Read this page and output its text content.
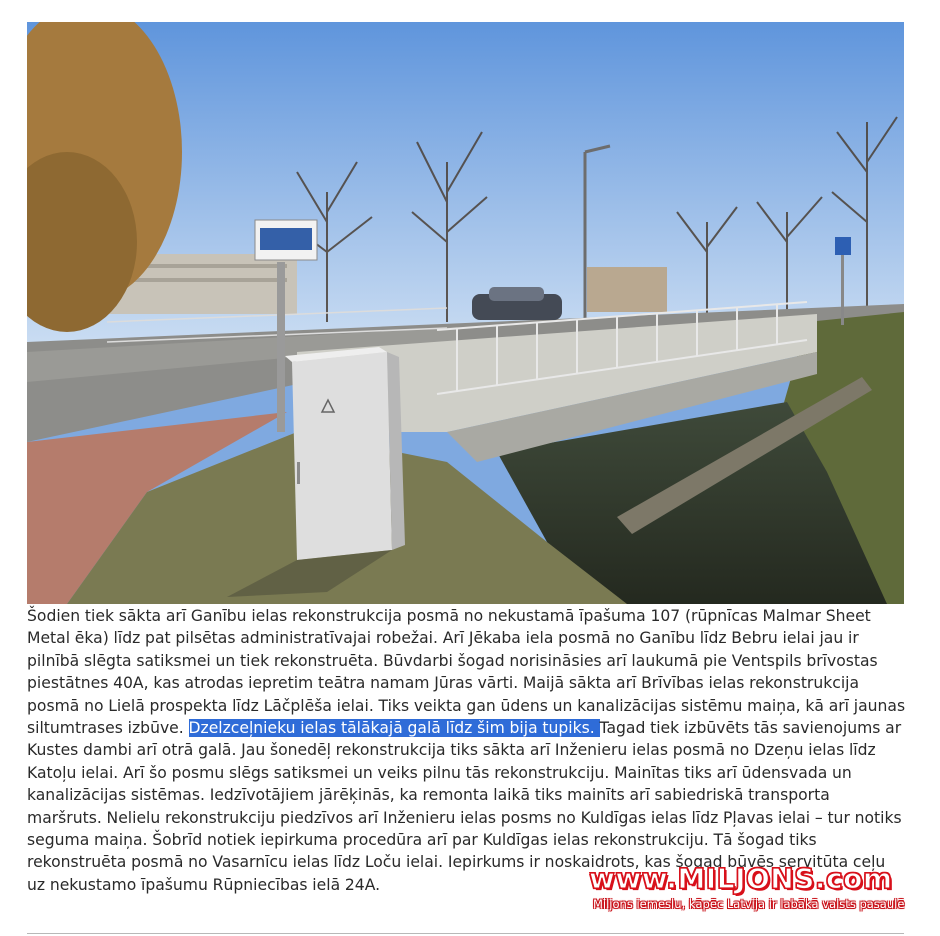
Šodien tiek sākta arī Ganību ielas rekonstrukcija posmā no nekustamā īpašuma 107 (rūpnīcas Malmar Sheet Metal ēka) līdz pat pilsētas administratīvajai robežai. Arī Jēkaba iela posmā no Ganību līdz Bebru ielai jau ir pilnībā slēgta satiksmei un tiek rekonstruēta. Būvdarbi šogad norisināsies arī laukumā pie Ventspils brīvostas piestātnes 40A, kas atrodas iepretim teātra namam Jūras vārti. Maijā sākta arī Brīvības ielas rekonstrukcija posmā no Lielā prospekta līdz Lāčplēša ielai. Tiks veikta gan ūdens un kanalizācijas sistēmu maiņa, kā arī jaunas siltumtrases izbūve. Dzelzceļnieku ielas tālākajā galā līdz šim bija tupiks. Tagad tiek izbūvēts tās savienojums ar Kustes dambi arī otrā galā. Jau šonedēļ rekonstrukcija tiks sākta arī Inženieru ielas posmā no Dzeņu ielas līdz Katoļu ielai. Arī šo posmu slēgs satiksmei un veiks pilnu tās rekonstrukciju. Mainītas tiks arī ūdensvada un kanalizācijas sistēmas. Iedzīvotājiem jārēķinās, ka remonta laikā tiks mainīts arī sabiedriskā transporta maršruts. Nelielu rekonstrukciju piedzīvos arī Inženieru ielas posms no Kuldīgas ielas līdz Pļavas ielai – tur notiks seguma maiņa. Šobrīd notiek iepirkuma procedūra arī par Kuldīgas ielas rekonstrukciju. Tā šogad tiks rekonstruēta posmā no Vasarnīcu ielas līdz Loču ielai. Iepirkums ir noskaidrots, kas šogad būvēs servitūta ceļu uz nekustamo īpašumu Rūpniecības ielā 24A.	www.MILJONS.com
Miljons iemeslu, kāpēc Latvija ir labākā valsts pasaulē
